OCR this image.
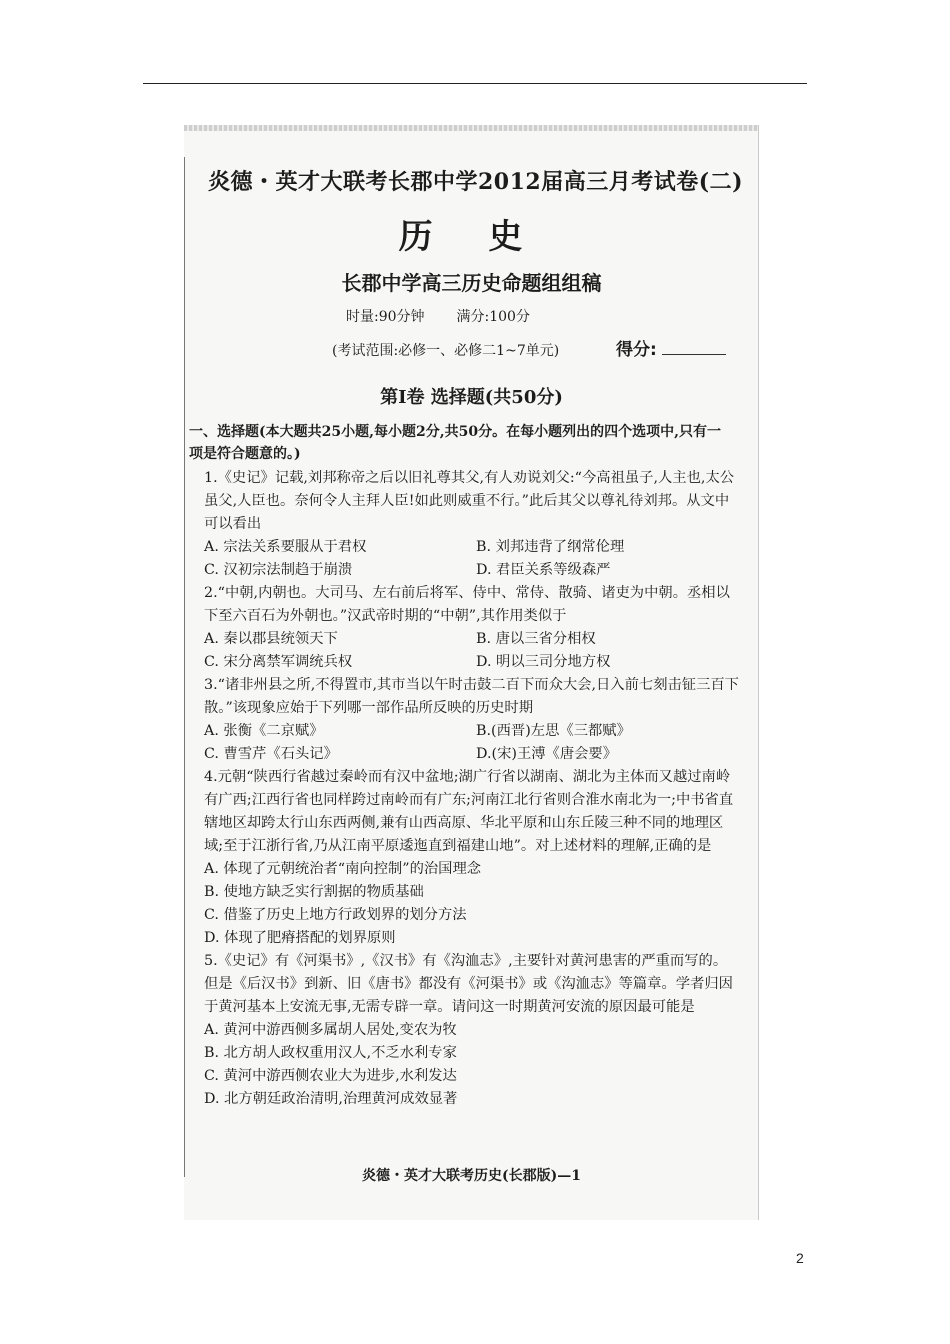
炎德・英才大联考长郡中学2012届高三月考试卷(二)
历 史
长郡中学高三历史命题组组稿
时量:90分钟 满分:100分
(考试范围:必修一、必修二1~7单元)	得分:
第Ⅰ卷 选择题(共50分)
一、选择题(本大题共25小题,每小题2分,共50分。在每小题列出的四个选项中,只有一项是符合题意的。)

1.《史记》记载,刘邦称帝之后以旧礼尊其父,有人劝说刘父:“今高祖虽子,人主也,太公虽父,人臣也。奈何令人主拜人臣!如此则威重不行。”此后其父以尊礼待刘邦。从文中可以看出

A. 宗法关系要服从于君权	B. 刘邦违背了纲常伦理
C. 汉初宗法制趋于崩溃	D. 君臣关系等级森严

2.“中朝,内朝也。大司马、左右前后将军、侍中、常侍、散骑、诸吏为中朝。丞相以下至六百石为外朝也。”汉武帝时期的“中朝”,其作用类似于

A. 秦以郡县统领天下	B. 唐以三省分相权
C. 宋分离禁军调统兵权	D. 明以三司分地方权

3.“诸非州县之所,不得置市,其市当以午时击鼓二百下而众大会,日入前七刻击钲三百下散。”该现象应始于下列哪一部作品所反映的历史时期

A. 张衡《二京赋》	B.(西晋)左思《三都赋》
C. 曹雪芹《石头记》	D.(宋)王溥《唐会要》

4.元朝“陕西行省越过秦岭而有汉中盆地;湖广行省以湖南、湖北为主体而又越过南岭有广西;江西行省也同样跨过南岭而有广东;河南江北行省则合淮水南北为一;中书省直辖地区却跨太行山东西两侧,兼有山西高原、华北平原和山东丘陵三种不同的地理区域;至于江浙行省,乃从江南平原逶迤直到福建山地”。对上述材料的理解,正确的是

A. 体现了元朝统治者“南向控制”的治国理念
B. 使地方缺乏实行割据的物质基础
C. 借鉴了历史上地方行政划界的划分方法
D. 体现了肥瘠搭配的划界原则

5.《史记》有《河渠书》,《汉书》有《沟洫志》,主要针对黄河患害的严重而写的。但是《后汉书》到新、旧《唐书》都没有《河渠书》或《沟洫志》等篇章。学者归因于黄河基本上安流无事,无需专辟一章。请问这一时期黄河安流的原因最可能是

A. 黄河中游西侧多属胡人居处,变农为牧
B. 北方胡人政权重用汉人,不乏水利专家
C. 黄河中游西侧农业大为进步,水利发达
D. 北方朝廷政治清明,治理黄河成效显著
炎德・英才大联考历史(长郡版)—1
2
